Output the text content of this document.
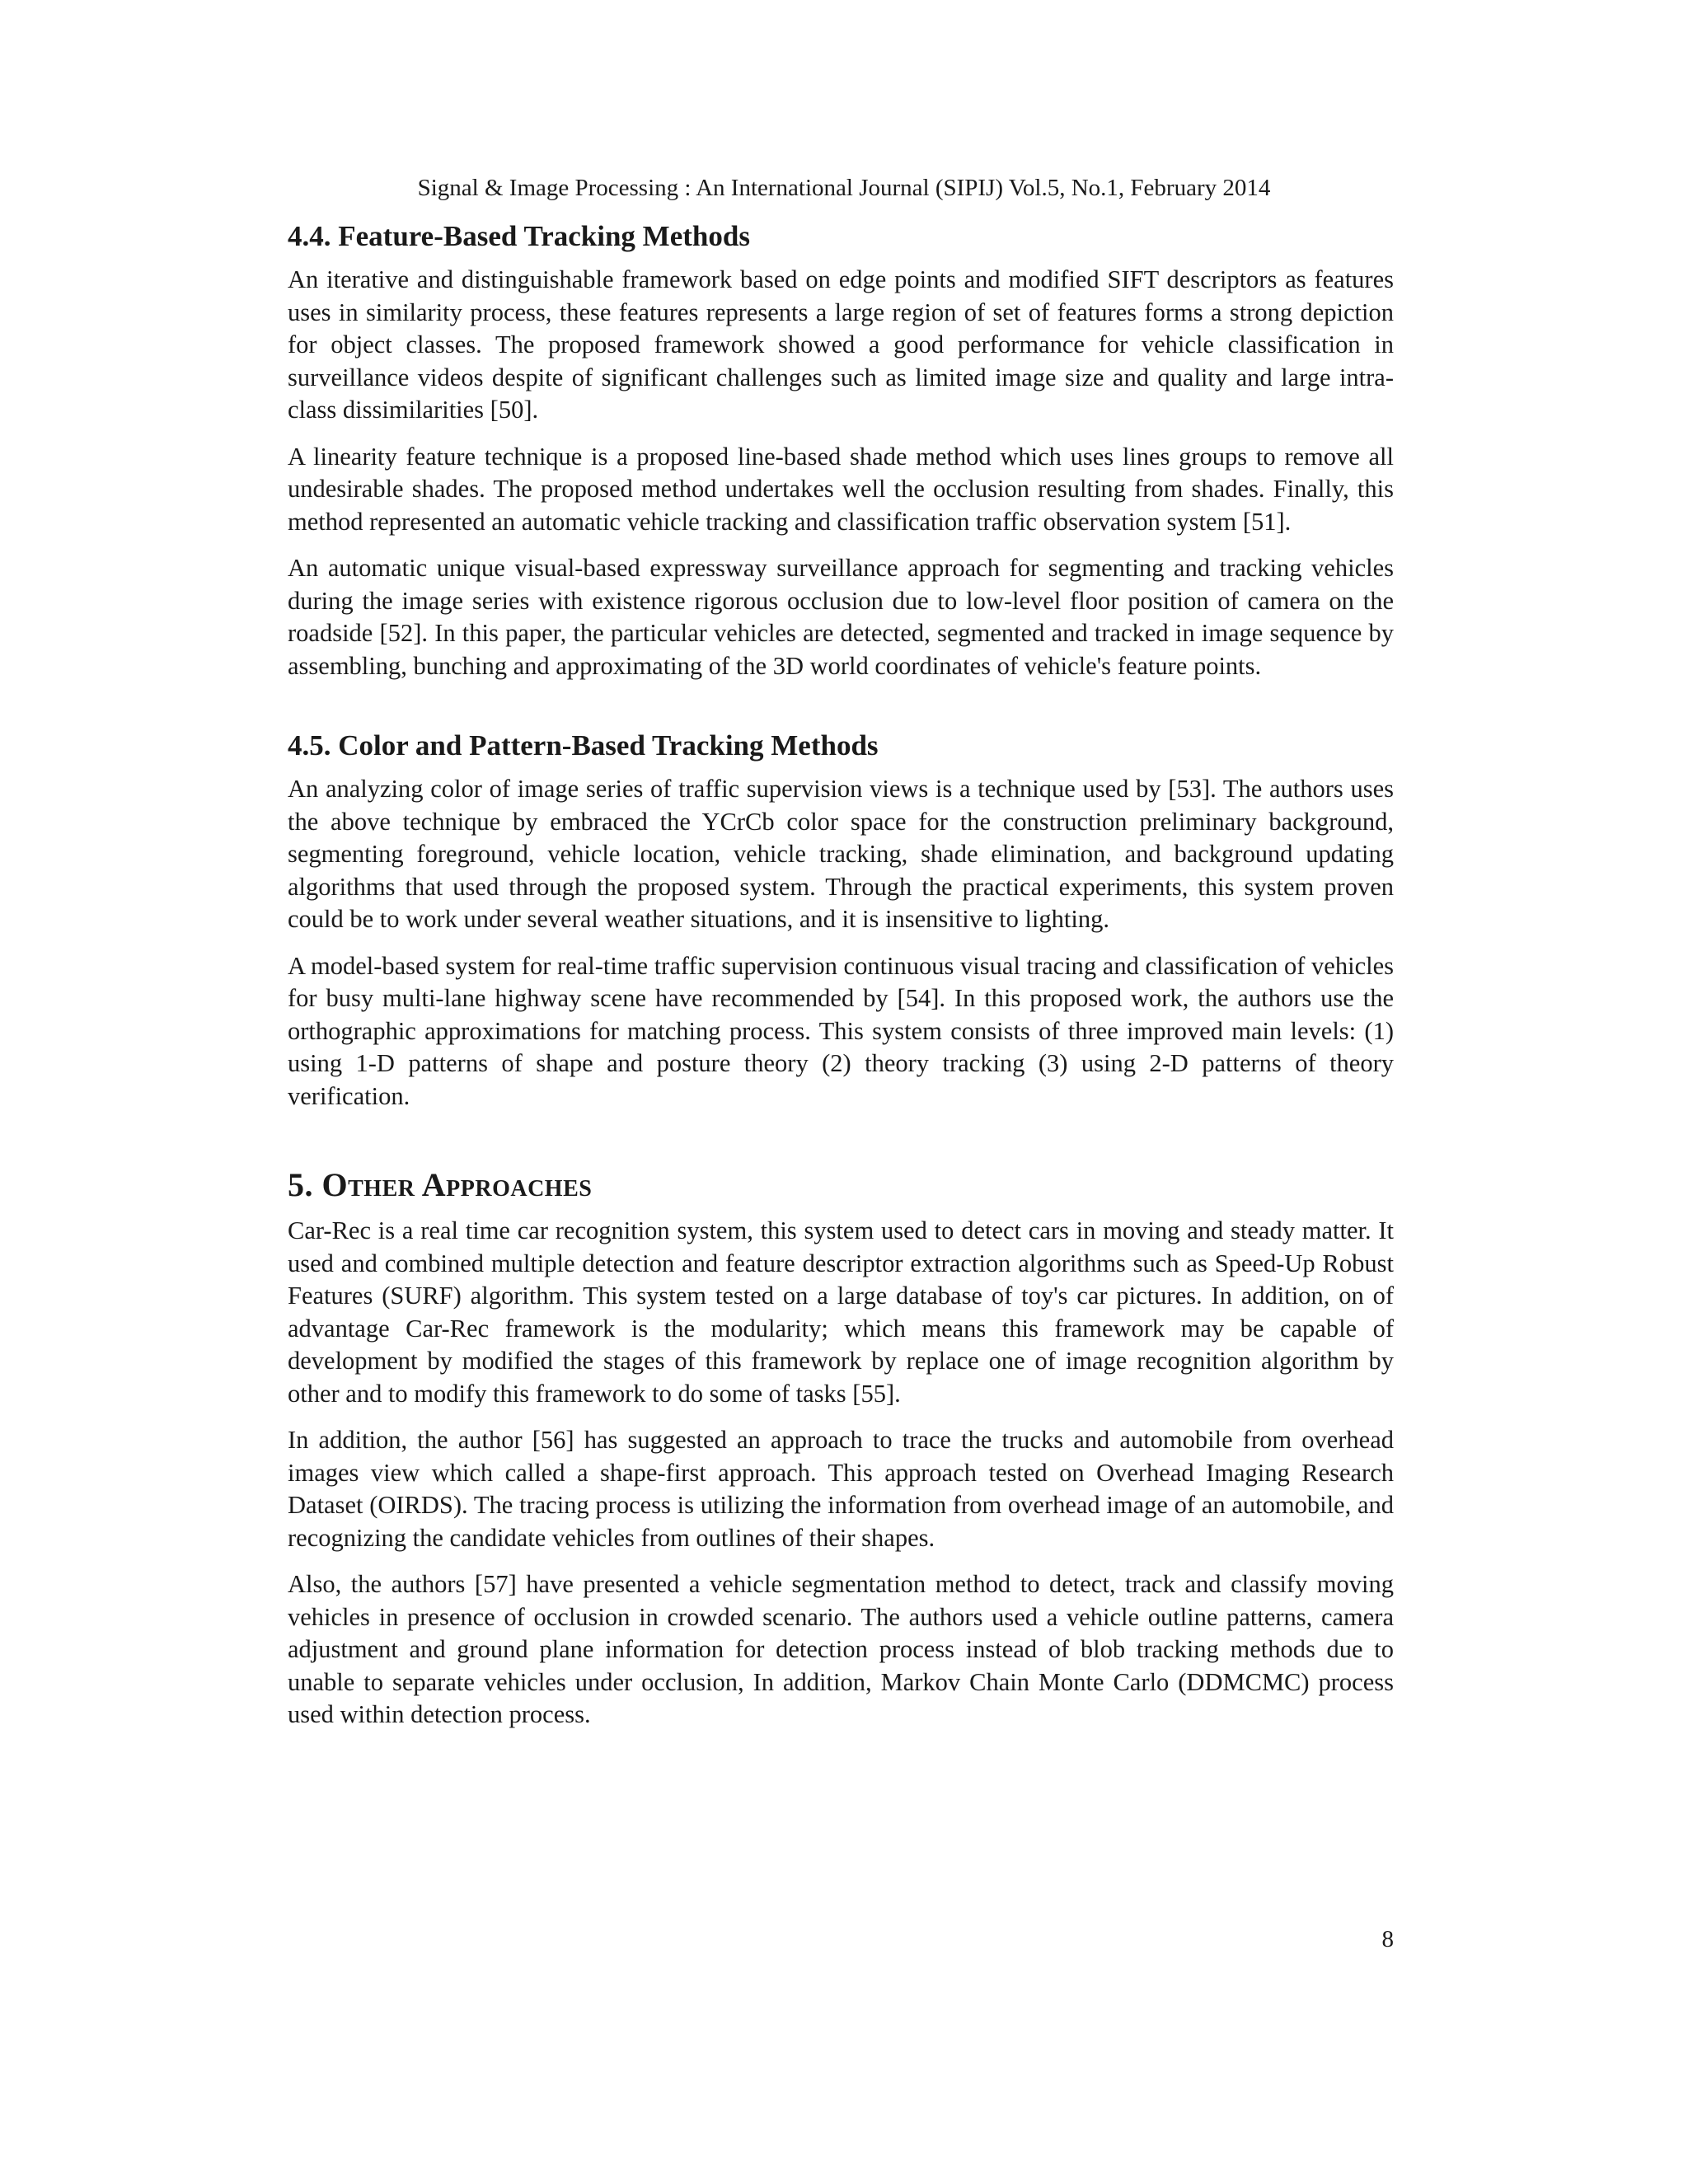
Signal & Image Processing : An International Journal (SIPIJ) Vol.5, No.1, February 2014
4.4. Feature-Based Tracking Methods

An iterative and distinguishable framework based on edge points and modified SIFT descriptors as features uses in similarity process, these features represents a large region of set of features forms a strong depiction for object classes. The proposed framework showed a good performance for vehicle classification in surveillance videos despite of significant challenges such as limited image size and quality and large intra-class dissimilarities [50].

A linearity feature technique is a proposed line-based shade method which uses lines groups to remove all undesirable shades. The proposed method undertakes well the occlusion resulting from shades. Finally, this method represented an automatic vehicle tracking and classification traffic observation system [51].

An automatic unique visual-based expressway surveillance approach for segmenting and tracking vehicles during the image series with existence rigorous occlusion due to low-level floor position of camera on the roadside [52]. In this paper, the particular vehicles are detected, segmented and tracked in image sequence by assembling, bunching and approximating of the 3D world coordinates of vehicle's feature points.

4.5. Color and Pattern-Based Tracking Methods

An analyzing color of image series of traffic supervision views is a technique used by [53]. The authors uses the above technique by embraced the YCrCb color space for the construction preliminary background, segmenting foreground, vehicle location, vehicle tracking, shade elimination, and background updating algorithms that used through the proposed system. Through the practical experiments, this system proven could be to work under several weather situations, and it is insensitive to lighting.

A model-based system for real-time traffic supervision continuous visual tracing and classification of vehicles for busy multi-lane highway scene have recommended by [54]. In this proposed work, the authors use the orthographic approximations for matching process. This system consists of three improved main levels: (1) using 1-D patterns of shape and posture theory (2) theory tracking (3) using 2-D patterns of theory verification.

5. Other Approaches

Car-Rec is a real time car recognition system, this system used to detect cars in moving and steady matter. It used and combined multiple detection and feature descriptor extraction algorithms such as Speed-Up Robust Features (SURF) algorithm. This system tested on a large database of toy's car pictures. In addition, on of advantage Car-Rec framework is the modularity; which means this framework may be capable of development by modified the stages of this framework by replace one of image recognition algorithm by other and to modify this framework to do some of tasks [55].

In addition, the author [56] has suggested an approach to trace the trucks and automobile from overhead images view which called a shape-first approach. This approach tested on Overhead Imaging Research Dataset (OIRDS). The tracing process is utilizing the information from overhead image of an automobile, and recognizing the candidate vehicles from outlines of their shapes.

Also, the authors [57] have presented a vehicle segmentation method to detect, track and classify moving vehicles in presence of occlusion in crowded scenario. The authors used a vehicle outline patterns, camera adjustment and ground plane information for detection process instead of blob tracking methods due to unable to separate vehicles under occlusion, In addition, Markov Chain Monte Carlo (DDMCMC) process used within detection process.

8
